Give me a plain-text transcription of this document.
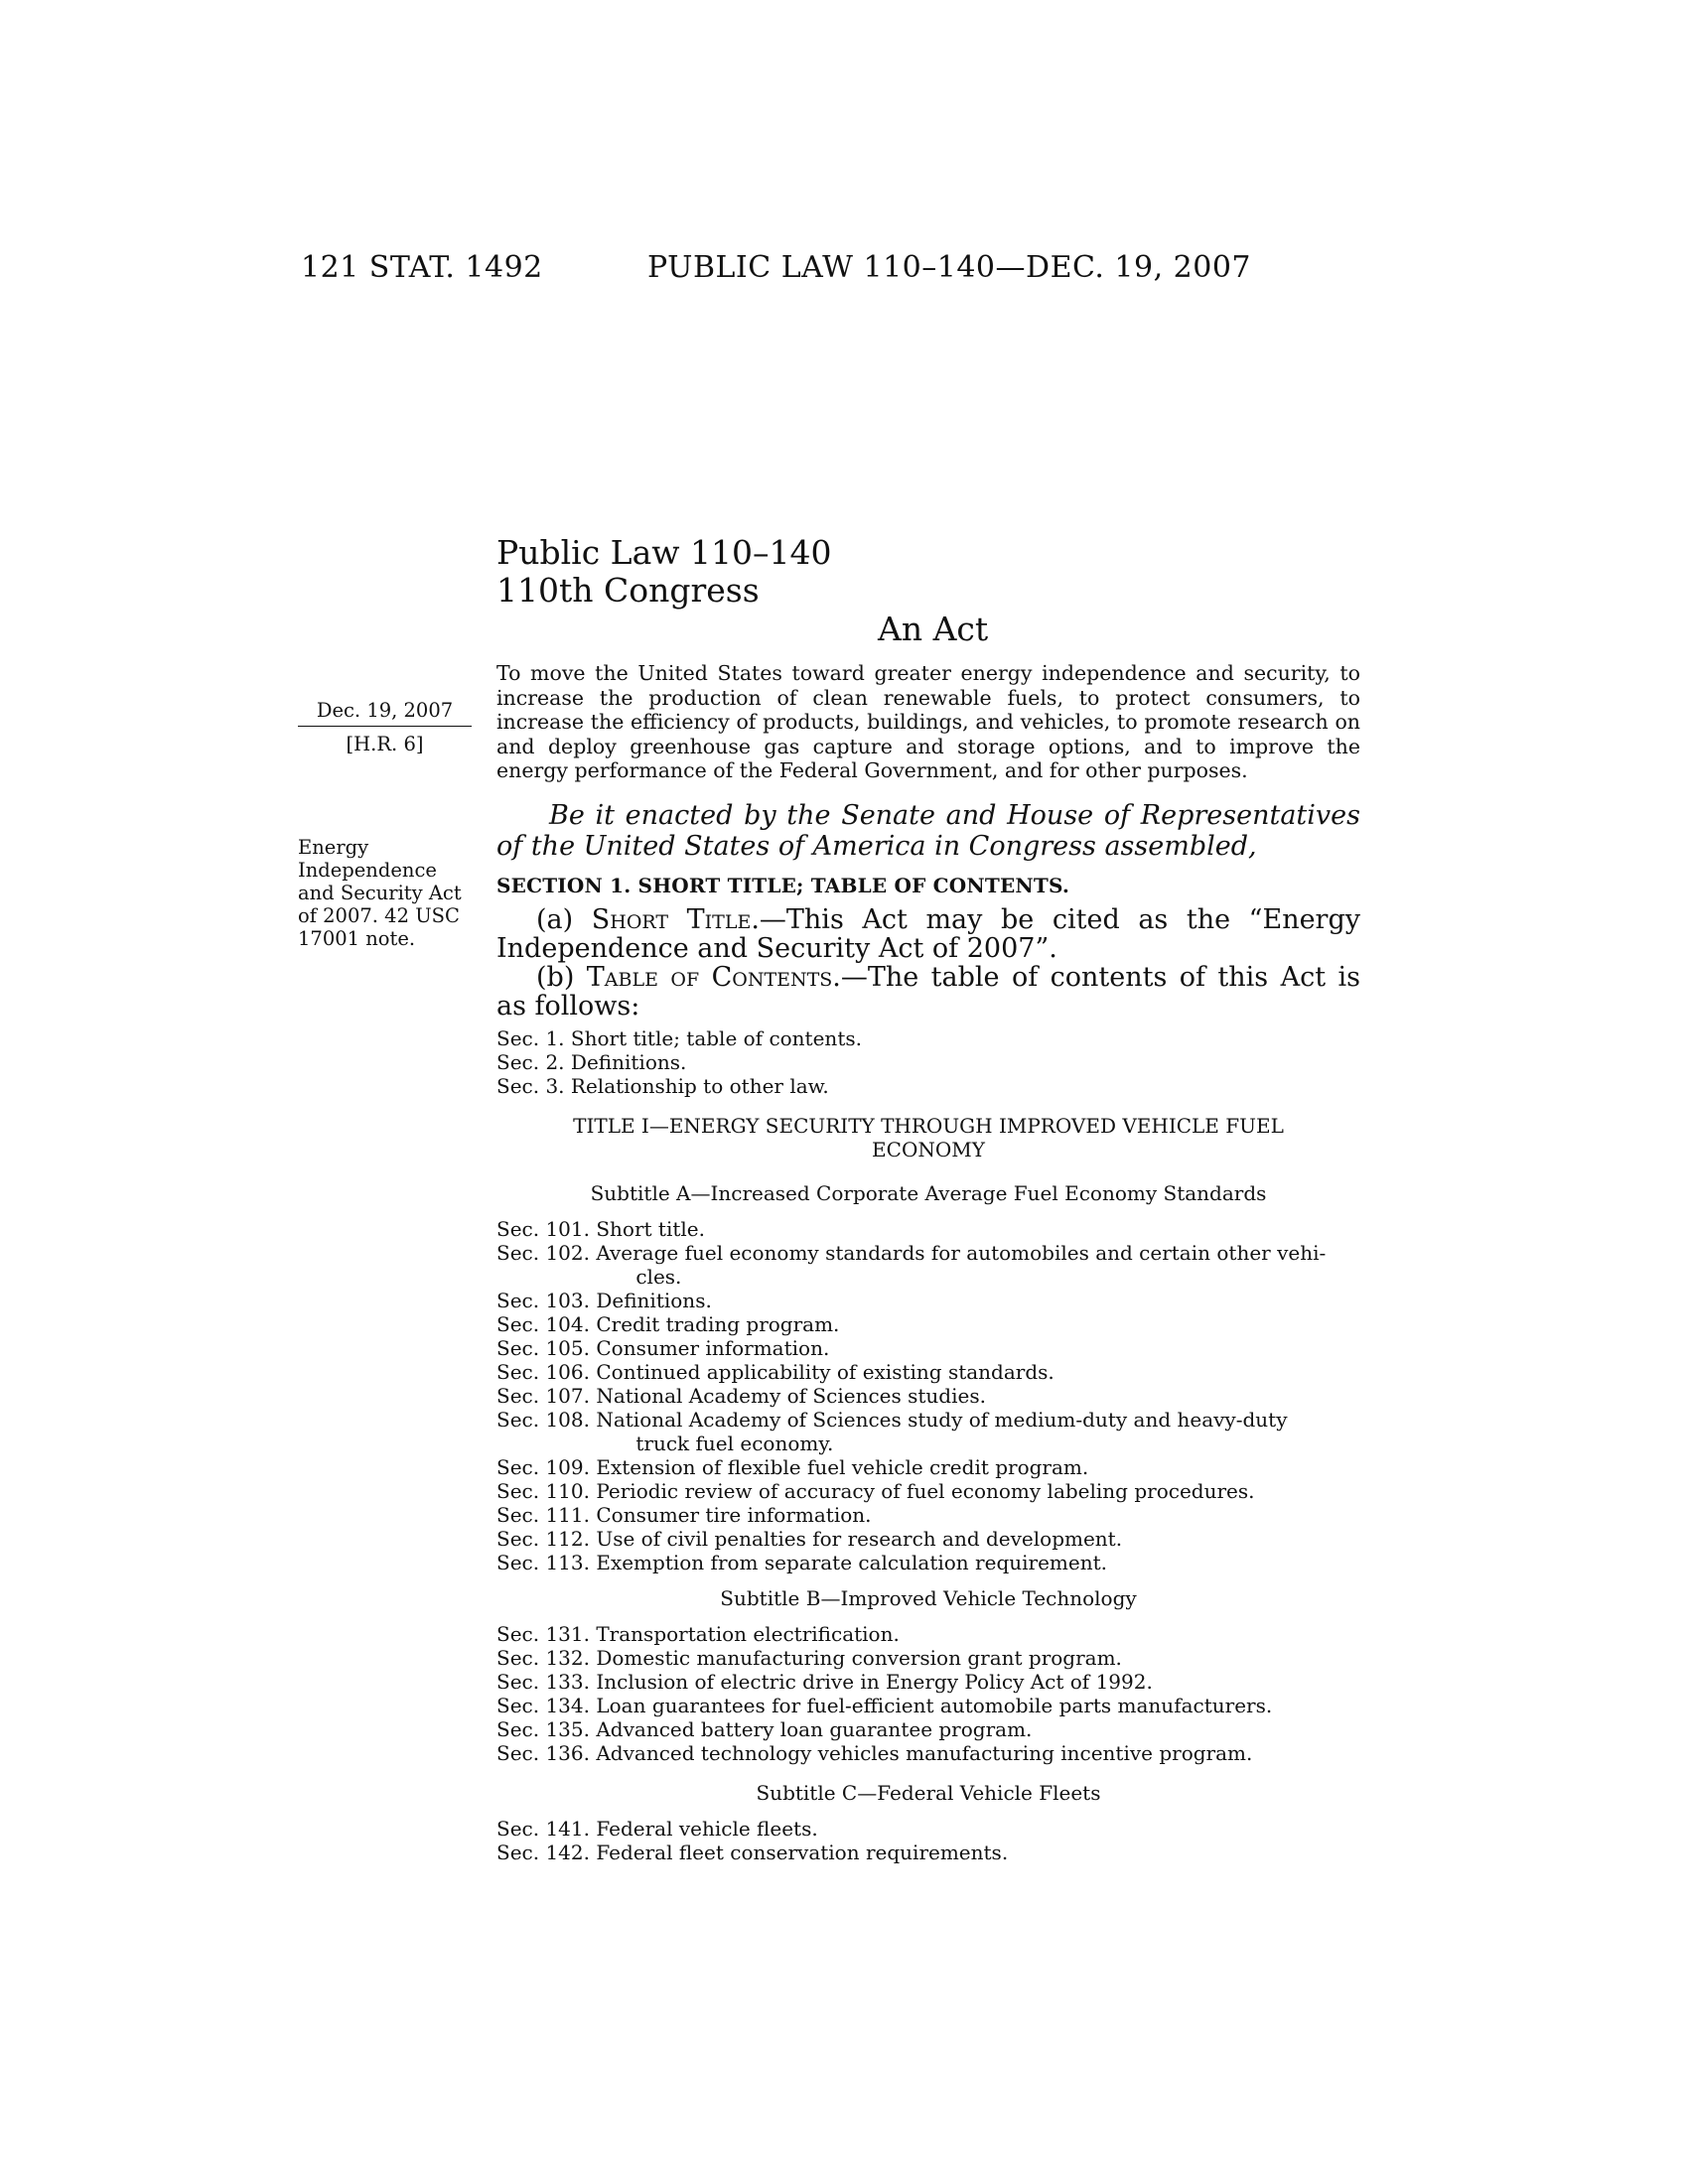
121 STAT. 1492	PUBLIC LAW 110–140—DEC. 19, 2007
Public Law 110–140
110th Congress
An Act
Dec. 19, 2007
[H.R. 6]
To move the United States toward greater energy independence and security, to increase the production of clean renewable fuels, to protect consumers, to increase the efficiency of products, buildings, and vehicles, to promote research on and deploy greenhouse gas capture and storage options, and to improve the energy performance of the Federal Government, and for other purposes.
Energy Independence and Security Act of 2007. 42 USC 17001 note.
Be it enacted by the Senate and House of Representatives of the United States of America in Congress assembled,
SECTION 1. SHORT TITLE; TABLE OF CONTENTS.
(a) Short Title.—This Act may be cited as the “Energy Independence and Security Act of 2007”.
(b) Table of Contents.—The table of contents of this Act is as follows:
Sec. 1. Short title; table of contents.
Sec. 2. Definitions.
Sec. 3. Relationship to other law.
TITLE I—ENERGY SECURITY THROUGH IMPROVED VEHICLE FUEL
ECONOMY
Subtitle A—Increased Corporate Average Fuel Economy Standards
Sec. 101. Short title.
Sec. 102. Average fuel economy standards for automobiles and certain other vehi-
cles.
Sec. 103. Definitions.
Sec. 104. Credit trading program.
Sec. 105. Consumer information.
Sec. 106. Continued applicability of existing standards.
Sec. 107. National Academy of Sciences studies.
Sec. 108. National Academy of Sciences study of medium-duty and heavy-duty
truck fuel economy.
Sec. 109. Extension of flexible fuel vehicle credit program.
Sec. 110. Periodic review of accuracy of fuel economy labeling procedures.
Sec. 111. Consumer tire information.
Sec. 112. Use of civil penalties for research and development.
Sec. 113. Exemption from separate calculation requirement.
Subtitle B—Improved Vehicle Technology
Sec. 131. Transportation electrification.
Sec. 132. Domestic manufacturing conversion grant program.
Sec. 133. Inclusion of electric drive in Energy Policy Act of 1992.
Sec. 134. Loan guarantees for fuel-efficient automobile parts manufacturers.
Sec. 135. Advanced battery loan guarantee program.
Sec. 136. Advanced technology vehicles manufacturing incentive program.
Subtitle C—Federal Vehicle Fleets
Sec. 141. Federal vehicle fleets.
Sec. 142. Federal fleet conservation requirements.
